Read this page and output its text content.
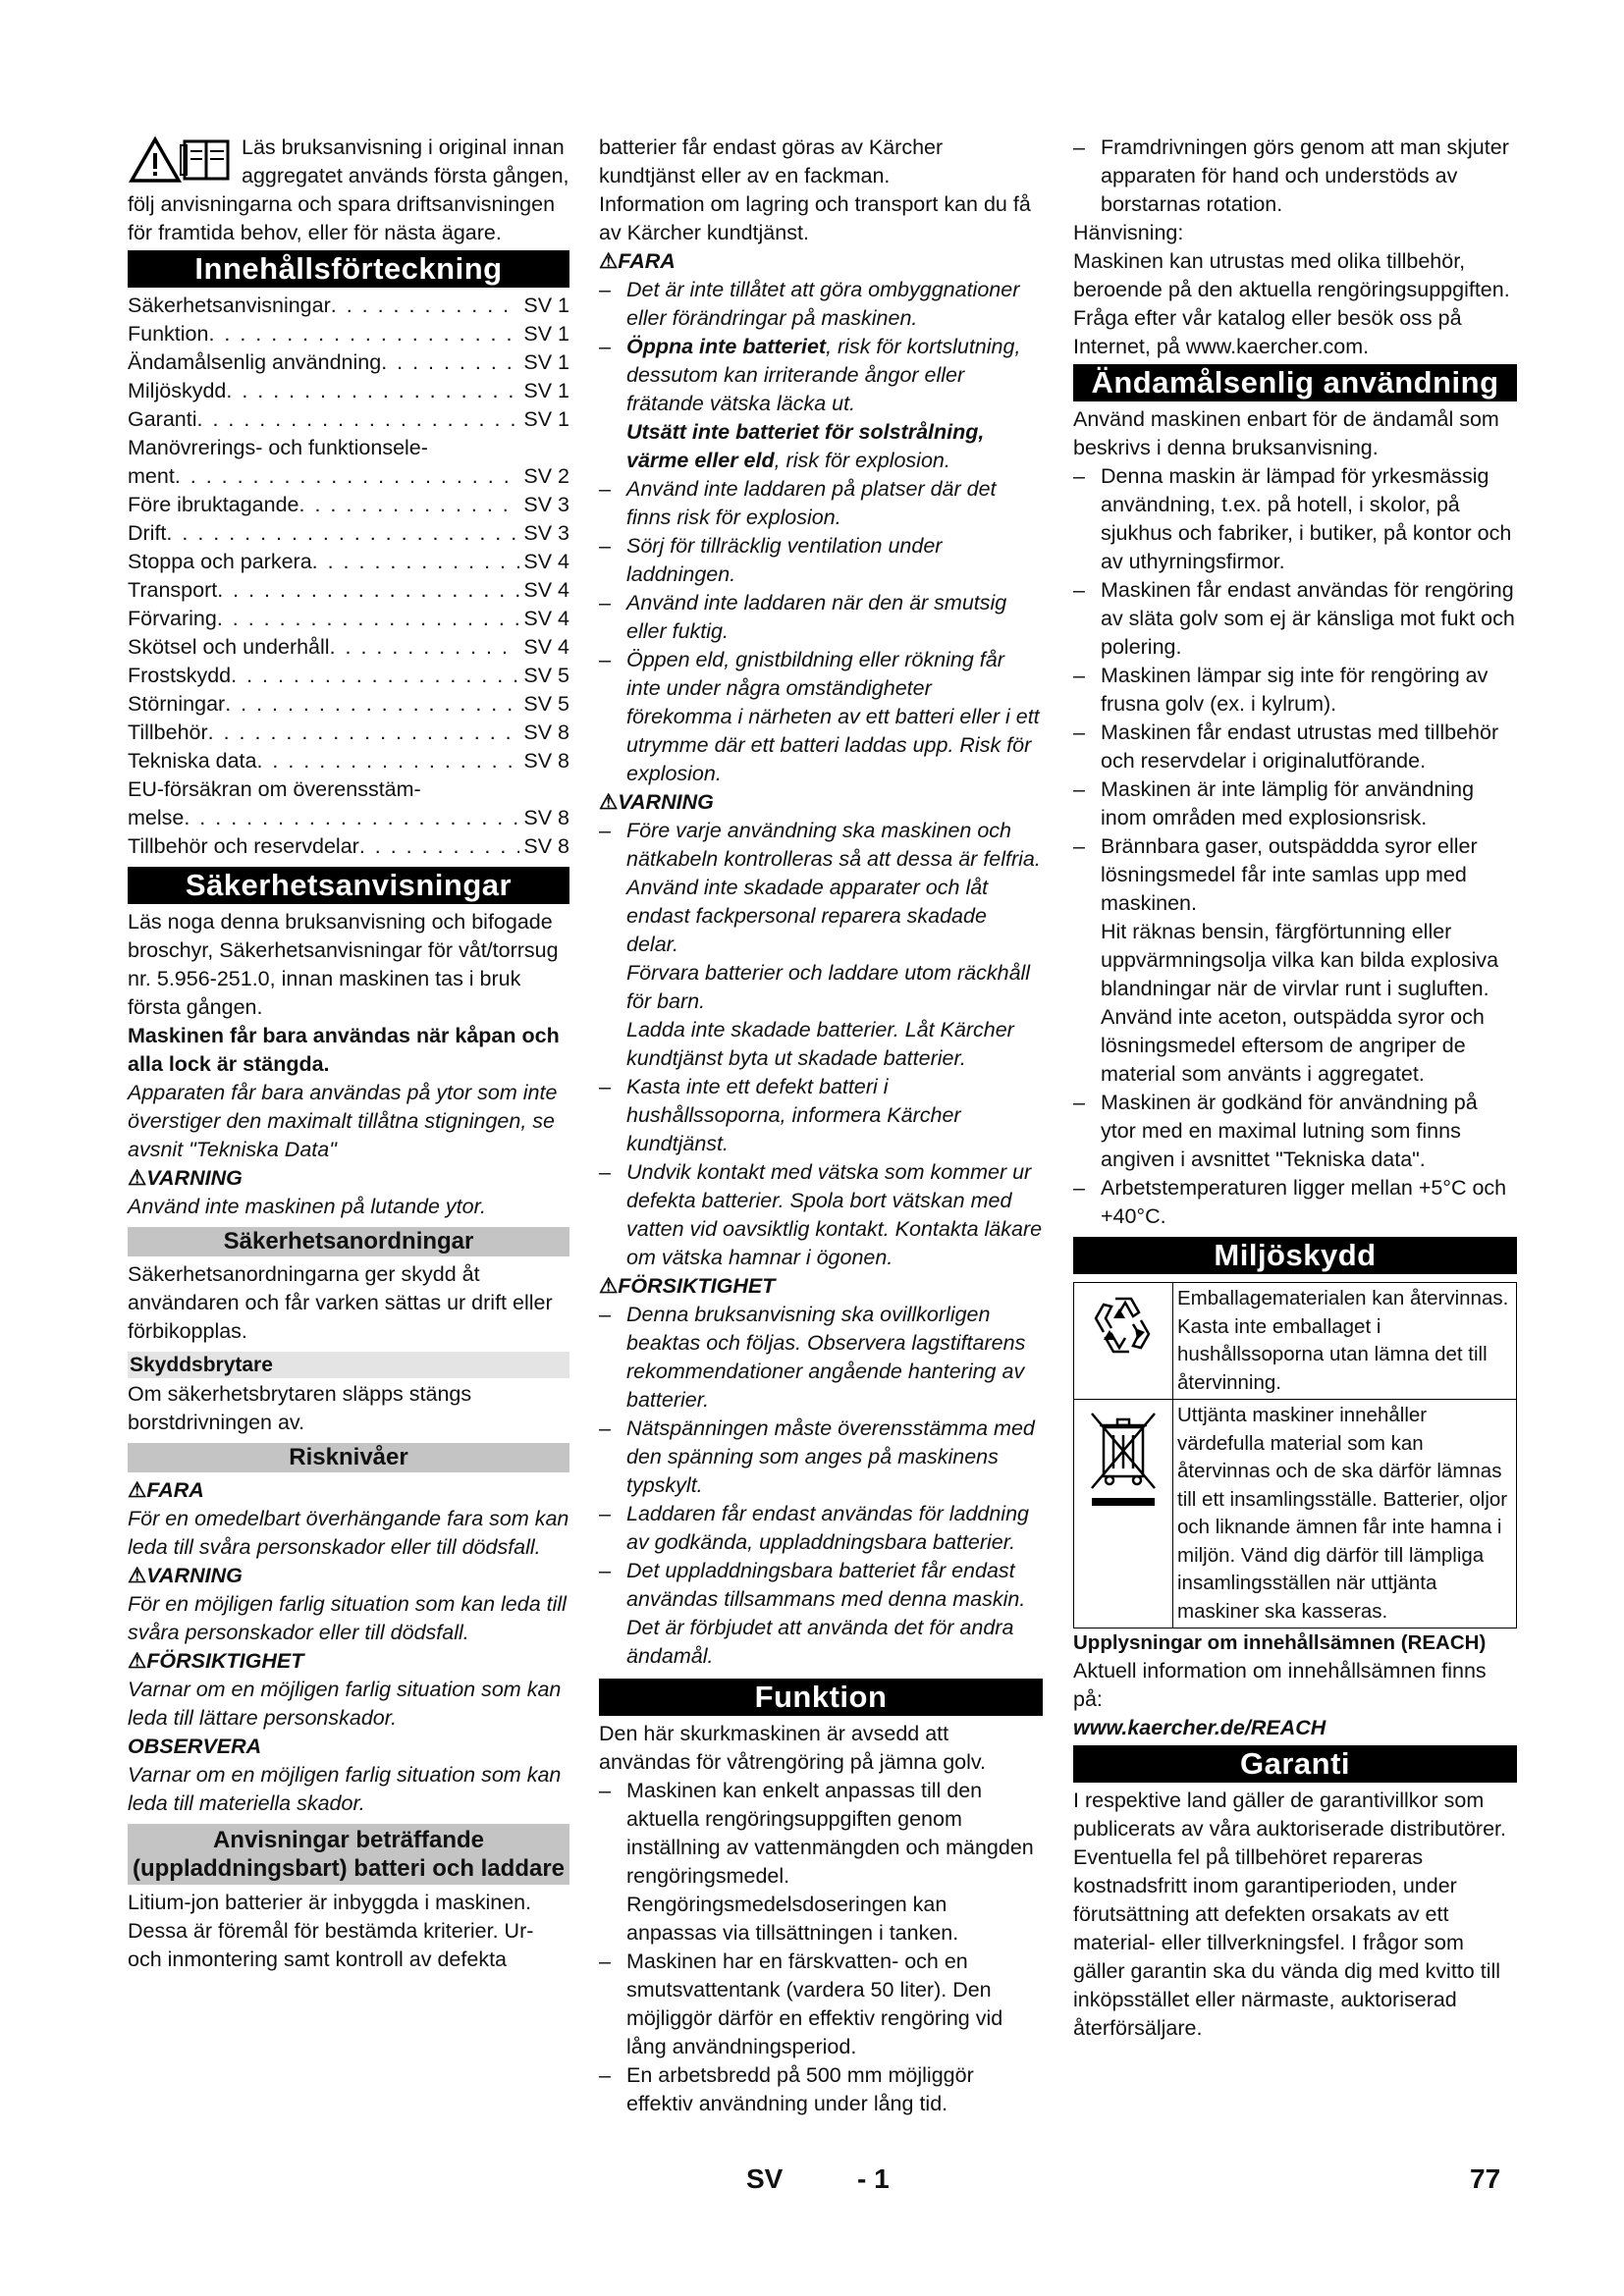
Läs bruksanvisning i original innan aggregatet används första gången, följ anvisningarna och spara driftsanvisningen för framtida behov, eller för nästa ägare.

Innehållsförteckning
Säkerhetsanvisningar . . .	SV 1
Funktion . . .	SV 1
Ändamålsenlig användning . . .	SV 1
Miljöskydd . . .	SV 1
Garanti . . .	SV 1
Manövrerings- och funktionsele-
ment . . .	SV 2
Före ibruktagande . . .	SV 3
Drift . . .	SV 3
Stoppa och parkera . . .	SV 4
Transport . . .	SV 4
Förvaring . . .	SV 4
Skötsel och underhåll . . .	SV 4
Frostskydd . . .	SV 5
Störningar . . .	SV 5
Tillbehör . . .	SV 8
Tekniska data . . .	SV 8
EU-försäkran om överensstäm-
melse . . .	SV 8
Tillbehör och reservdelar . . .	SV 8
Säkerhetsanvisningar

Läs noga denna bruksanvisning och bifogade broschyr, Säkerhetsanvisningar för våt/torrsug nr. 5.956-251.0, innan maskinen tas i bruk första gången.

Maskinen får bara användas när kåpan och alla lock är stängda.

Apparaten får bara användas på ytor som inte överstiger den maximalt tillåtna stigningen, se avsnit "Tekniska Data"

⚠VARNING

Använd inte maskinen på lutande ytor.

Säkerhetsanordningar

Säkerhetsanordningarna ger skydd åt användaren och får varken sättas ur drift eller förbikopplas.

Skyddsbrytare

Om säkerhetsbrytaren släpps stängs borstdrivningen av.

Risknivåer

⚠FARA

För en omedelbart överhängande fara som kan leda till svåra personskador eller till dödsfall.

⚠VARNING

För en möjligen farlig situation som kan leda till svåra personskador eller till dödsfall.

⚠FÖRSIKTIGHET

Varnar om en möjligen farlig situation som kan leda till lättare personskador.

OBSERVERA

Varnar om en möjligen farlig situation som kan leda till materiella skador.

Anvisningar beträffande (uppladdningsbart) batteri och laddare

Litium-jon batterier är inbyggda i maskinen. Dessa är föremål för bestämda kriterier. Ur- och inmontering samt kontroll av defekta

batterier får endast göras av Kärcher kundtjänst eller av en fackman.

Information om lagring och transport kan du få av Kärcher kundtjänst.

⚠FARA

– Det är inte tillåtet att göra ombyggnationer eller förändringar på maskinen.

– Öppna inte batteriet, risk för kortslutning, dessutom kan irriterande ångor eller frätande vätska läcka ut.

Utsätt inte batteriet för solstrålning, värme eller eld, risk för explosion.

– Använd inte laddaren på platser där det finns risk för explosion.

– Sörj för tillräcklig ventilation under laddningen.

– Använd inte laddaren när den är smutsig eller fuktig.

– Öppen eld, gnistbildning eller rökning får inte under några omständigheter förekomma i närheten av ett batteri eller i ett utrymme där ett batteri laddas upp. Risk för explosion.

⚠VARNING

– Före varje användning ska maskinen och nätkabeln kontrolleras så att dessa är felfria. Använd inte skadade apparater och låt endast fackpersonal reparera skadade delar.

Förvara batterier och laddare utom räckhåll för barn.

Ladda inte skadade batterier. Låt Kärcher kundtjänst byta ut skadade batterier.

– Kasta inte ett defekt batteri i hushållssoporna, informera Kärcher kundtjänst.

– Undvik kontakt med vätska som kommer ur defekta batterier. Spola bort vätskan med vatten vid oavsiktlig kontakt. Kontakta läkare om vätska hamnar i ögonen.

⚠FÖRSIKTIGHET

– Denna bruksanvisning ska ovillkorligen beaktas och följas. Observera lagstiftarens rekommendationer angående hantering av batterier.

– Nätspänningen måste överensstämma med den spänning som anges på maskinens typskylt.

– Laddaren får endast användas för laddning av godkända, uppladdningsbara batterier.

– Det uppladdningsbara batteriet får endast användas tillsammans med denna maskin. Det är förbjudet att använda det för andra ändamål.

Funktion

Den här skurkmaskinen är avsedd att användas för våtrengöring på jämna golv.

– Maskinen kan enkelt anpassas till den aktuella rengöringsuppgiften genom inställning av vattenmängden och mängden rengöringsmedel.

Rengöringsmedelsdoseringen kan anpassas via tillsättningen i tanken.

– Maskinen har en färskvatten- och en smutsvattentank (vardera 50 liter). Den möjliggör därför en effektiv rengöring vid lång användningsperiod.

– En arbetsbredd på 500 mm möjliggör effektiv användning under lång tid.

– Framdrivningen görs genom att man skjuter apparaten för hand och understöds av borstarnas rotation.

Hänvisning:

Maskinen kan utrustas med olika tillbehör, beroende på den aktuella rengöringsuppgiften.

Fråga efter vår katalog eller besök oss på Internet, på www.kaercher.com.

Ändamålsenlig användning

Använd maskinen enbart för de ändamål som beskrivs i denna bruksanvisning.

– Denna maskin är lämpad för yrkesmässig användning, t.ex. på hotell, i skolor, på sjukhus och fabriker, i butiker, på kontor och av uthyrningsfirmor.

– Maskinen får endast användas för rengöring av släta golv som ej är känsliga mot fukt och polering.

– Maskinen lämpar sig inte för rengöring av frusna golv (ex. i kylrum).

– Maskinen får endast utrustas med tillbehör och reservdelar i originalutförande.

– Maskinen är inte lämplig för användning inom områden med explosionsrisk.

– Brännbara gaser, outspäddda syror eller lösningsmedel får inte samlas upp med maskinen.

Hit räknas bensin, färgförtunning eller uppvärmningsolja vilka kan bilda explosiva blandningar när de virvlar runt i sugluften. Använd inte aceton, outspädda syror och lösningsmedel eftersom de angriper de material som använts i aggregatet.

– Maskinen är godkänd för användning på ytor med en maximal lutning som finns angiven i avsnittet "Tekniska data".

– Arbetstemperaturen ligger mellan +5°C och +40°C.

Miljöskydd
Emballagematerialen kan återvinnas. Kasta inte emballaget i hushållssoporna utan lämna det till återvinning.
Uttjänta maskiner innehåller värdefulla material som kan återvinnas och de ska därför lämnas till ett insamlingsställe. Batterier, oljor och liknande ämnen får inte hamna i miljön. Vänd dig därför till lämpliga insamlingsställen när uttjänta maskiner ska kasseras.

Upplysningar om innehållsämnen (REACH)

Aktuell information om innehållsämnen finns på:

www.kaercher.de/REACH

Garanti

I respektive land gäller de garantivillkor som publicerats av våra auktoriserade distributörer. Eventuella fel på tillbehöret repareras kostnadsfritt inom garantiperioden, under förutsättning att defekten orsakats av ett material- eller tillverkningsfel. I frågor som gäller garantin ska du vända dig med kvitto till inköpsstället eller närmaste, auktoriserad återförsäljare.

SV	- 1	77
